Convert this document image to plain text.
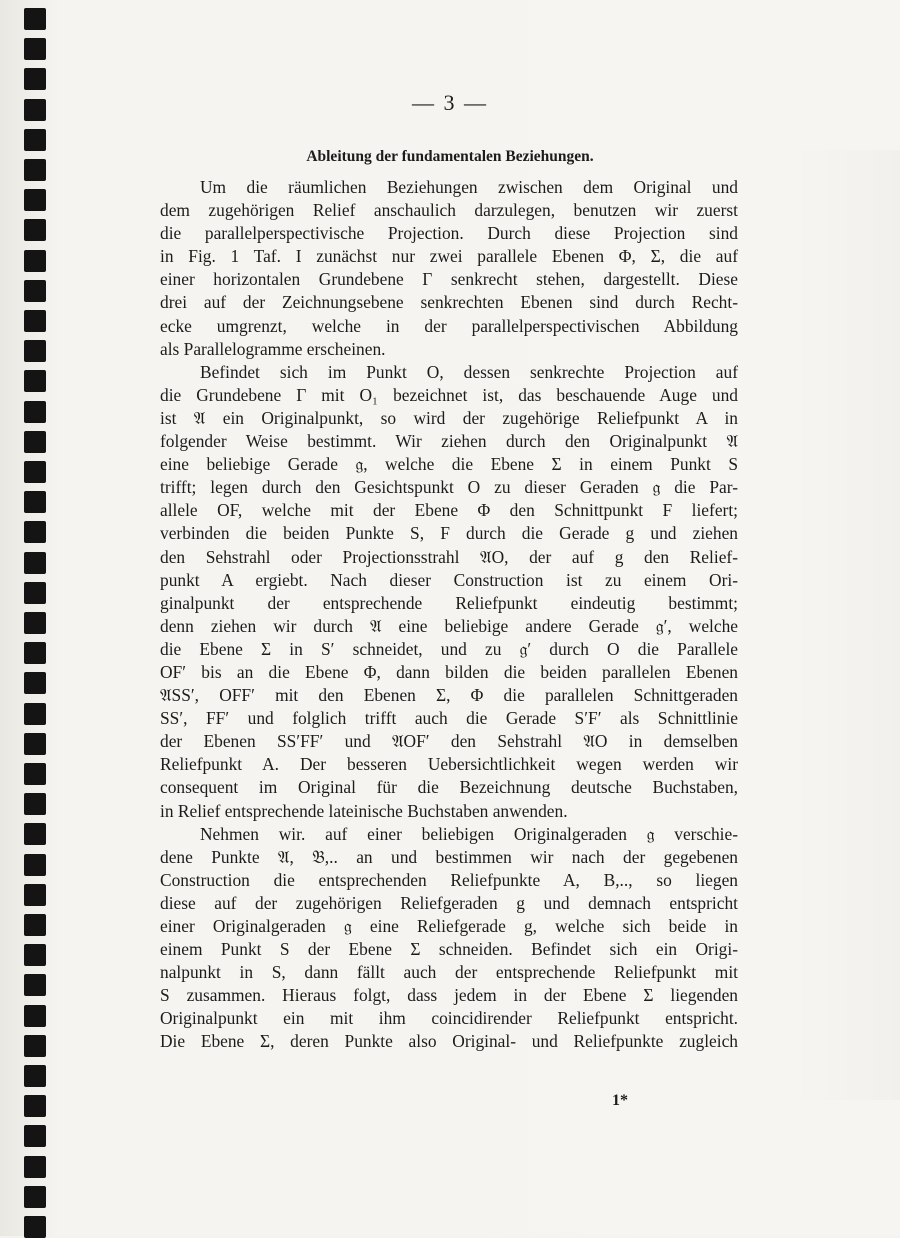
— 3 —
Ableitung der fundamentalen Beziehungen.
Um die räumlichen Beziehungen zwischen dem Original und
dem zugehörigen Relief anschaulich darzulegen, benutzen wir zuerst
die parallelperspectivische Projection. Durch diese Projection sind
in Fig. 1 Taf. I zunächst nur zwei parallele Ebenen Φ, Σ, die auf
einer horizontalen Grundebene Γ senkrecht stehen, dargestellt. Diese
drei auf der Zeichnungsebene senkrechten Ebenen sind durch Recht-
ecke umgrenzt, welche in der parallelperspectivischen Abbildung
als Parallelogramme erscheinen.
Befindet sich im Punkt O, dessen senkrechte Projection auf
die Grundebene Γ mit O₁ bezeichnet ist, das beschauende Auge und
ist 𝔄 ein Originalpunkt, so wird der zugehörige Reliefpunkt A in
folgender Weise bestimmt. Wir ziehen durch den Originalpunkt 𝔄
eine beliebige Gerade 𝔤, welche die Ebene Σ in einem Punkt S
trifft; legen durch den Gesichtspunkt O zu dieser Geraden 𝔤 die Par-
allele OF, welche mit der Ebene Φ den Schnittpunkt F liefert;
verbinden die beiden Punkte S, F durch die Gerade g und ziehen
den Sehstrahl oder Projectionsstrahl 𝔄O, der auf g den Relief-
punkt A ergiebt. Nach dieser Construction ist zu einem Ori-
ginalpunkt der entsprechende Reliefpunkt eindeutig bestimmt;
denn ziehen wir durch 𝔄 eine beliebige andere Gerade 𝔤′, welche
die Ebene Σ in S′ schneidet, und zu 𝔤′ durch O die Parallele
OF′ bis an die Ebene Φ, dann bilden die beiden parallelen Ebenen
𝔄SS′, OFF′ mit den Ebenen Σ, Φ die parallelen Schnittgeraden
SS′, FF′ und folglich trifft auch die Gerade S′F′ als Schnittlinie
der Ebenen SS′FF′ und 𝔄OF′ den Sehstrahl 𝔄O in demselben
Reliefpunkt A. Der besseren Uebersichtlichkeit wegen werden wir
consequent im Original für die Bezeichnung deutsche Buchstaben,
in Relief entsprechende lateinische Buchstaben anwenden.
Nehmen wir. auf einer beliebigen Originalgeraden 𝔤 verschie-
dene Punkte 𝔄, 𝔅,.. an und bestimmen wir nach der gegebenen
Construction die entsprechenden Reliefpunkte A, B,.., so liegen
diese auf der zugehörigen Reliefgeraden g und demnach entspricht
einer Originalgeraden 𝔤 eine Reliefgerade g, welche sich beide in
einem Punkt S der Ebene Σ schneiden. Befindet sich ein Origi-
nalpunkt in S, dann fällt auch der entsprechende Reliefpunkt mit
S zusammen. Hieraus folgt, dass jedem in der Ebene Σ liegenden
Originalpunkt ein mit ihm coincidirender Reliefpunkt entspricht.
Die Ebene Σ, deren Punkte also Original- und Reliefpunkte zugleich
1*
